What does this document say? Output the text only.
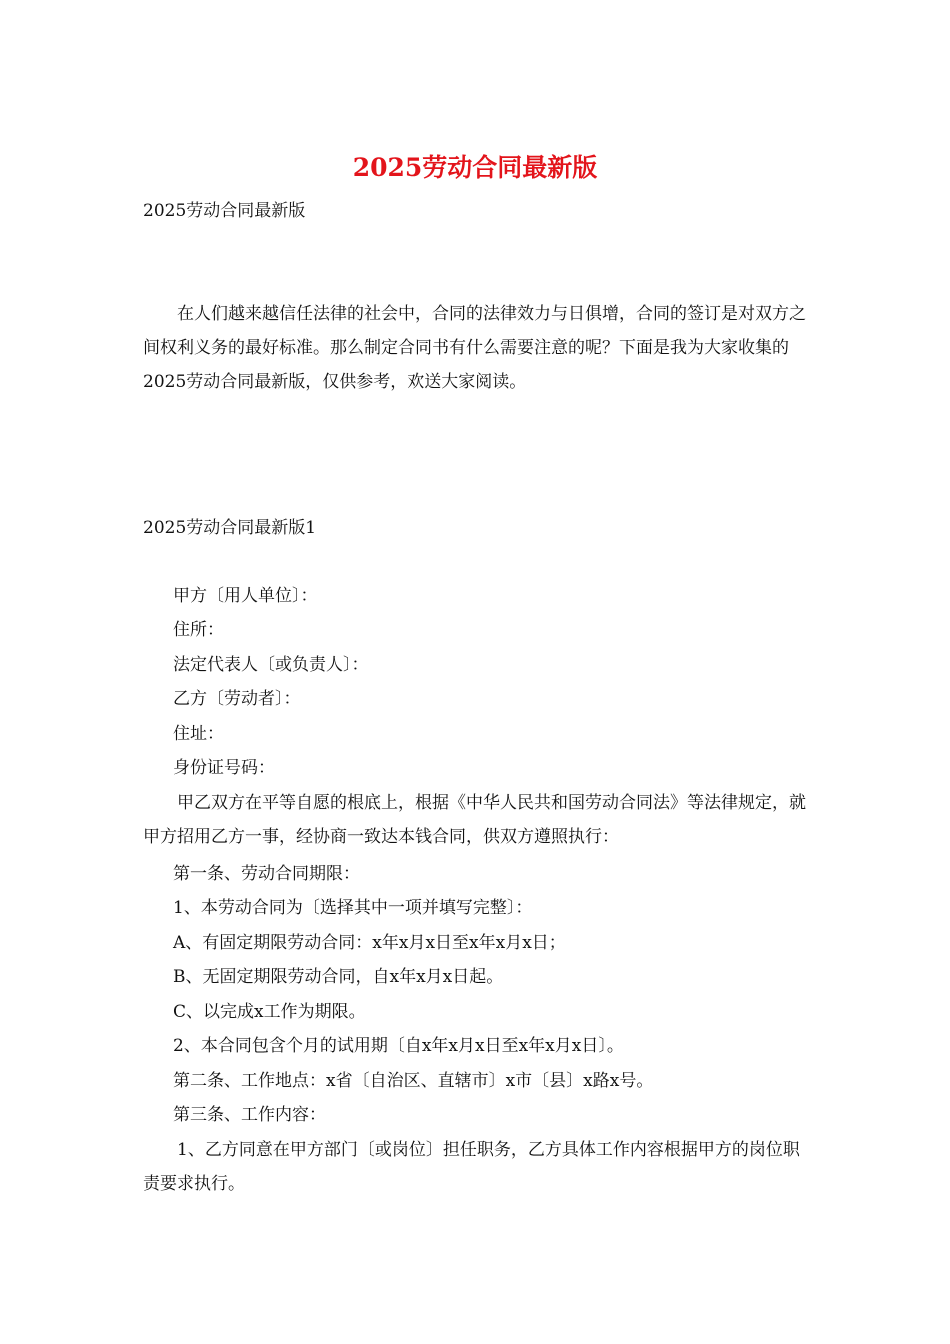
2025劳动合同最新版

2025劳动合同最新版

在人们越来越信任法律的社会中，合同的法律效力与日俱增，合同的签订是对双方之间权利义务的最好标准。那么制定合同书有什么需要注意的呢？下面是我为大家收集的2025劳动合同最新版，仅供参考，欢送大家阅读。

2025劳动合同最新版1

甲方〔用人单位〕：

住所：

法定代表人〔或负责人〕：

乙方〔劳动者〕：

住址：

身份证号码：

甲乙双方在平等自愿的根底上，根据《中华人民共和国劳动合同法》等法律规定，就甲方招用乙方一事，经协商一致达本钱合同，供双方遵照执行：

第一条、劳动合同期限：

1、本劳动合同为〔选择其中一项并填写完整〕：

A、有固定期限劳动合同：x年x月x日至x年x月x日；

B、无固定期限劳动合同，自x年x月x日起。

C、以完成x工作为期限。

2、本合同包含个月的试用期〔自x年x月x日至x年x月x日〕。

第二条、工作地点：x省〔自治区、直辖市〕x市〔县〕x路x号。

第三条、工作内容：

1、乙方同意在甲方部门〔或岗位〕担任职务，乙方具体工作内容根据甲方的岗位职责要求执行。
